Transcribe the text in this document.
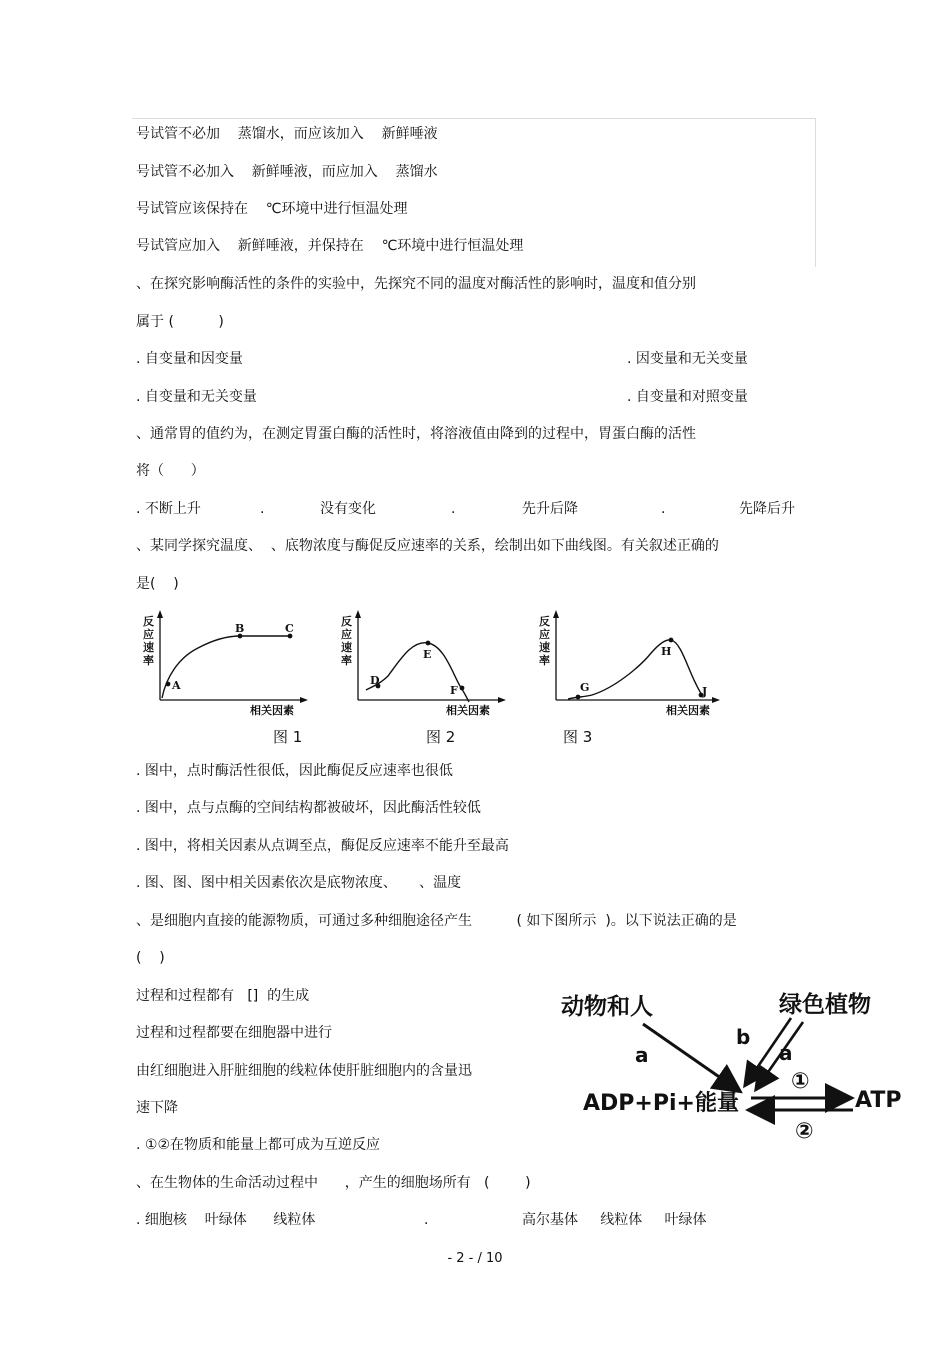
号试管不必加    蒸馏水，而应该加入    新鲜唾液
号试管不必加入    新鲜唾液，而应加入    蒸馏水
号试管应该保持在    ℃环境中进行恒温处理
号试管应加入    新鲜唾液，并保持在    ℃环境中进行恒温处理
、在探究影响酶活性的条件的实验中，先探究不同的温度对酶活性的影响时，温度和值分别
属于 (          )
. 自变量和因变量	. 因变量和无关变量
. 自变量和无关变量	. 自变量和对照变量
、通常胃的值约为，在测定胃蛋白酶的活性时，将溶液值由降到的过程中，胃蛋白酶的活性
将（      ）
. 不断上升	.	没有变化	.	先升后降	.	先降后升
、某同学探究温度、  、底物浓度与酶促反应速率的关系，绘制出如下曲线图。有关叙述正确的
是(    )
反
应
速
率
A
B	C
相关因素
反
应
速
率
D
E
F
相关因素
反
应
速
率
G
H
J
相关因素
图 1	图 2	图 3
. 图中，点时酶活性很低，因此酶促反应速率也很低
. 图中，点与点酶的空间结构都被破坏，因此酶活性较低
. 图中，将相关因素从点调至点，酶促反应速率不能升至最高
. 图、图、图中相关因素依次是底物浓度、     、温度
、是细胞内直接的能源物质，可通过多种细胞途径产生          ( 如下图所示  )。以下说法正确的是
(    )
过程和过程都有   []  的生成
过程和过程都要在细胞器中进行
由红细胞进入肝脏细胞的线粒体使肝脏细胞内的含量迅
速下降
. ①②在物质和能量上都可成为互逆反应
动物和人	绿色植物
a
b
a
ADP+Pi+能量	ATP
①
②
、在生物体的生命活动过程中      ，产生的细胞场所有   (        )
. 细胞核    叶绿体      线粒体	.	高尔基体     线粒体     叶绿体
- 2 - / 10
